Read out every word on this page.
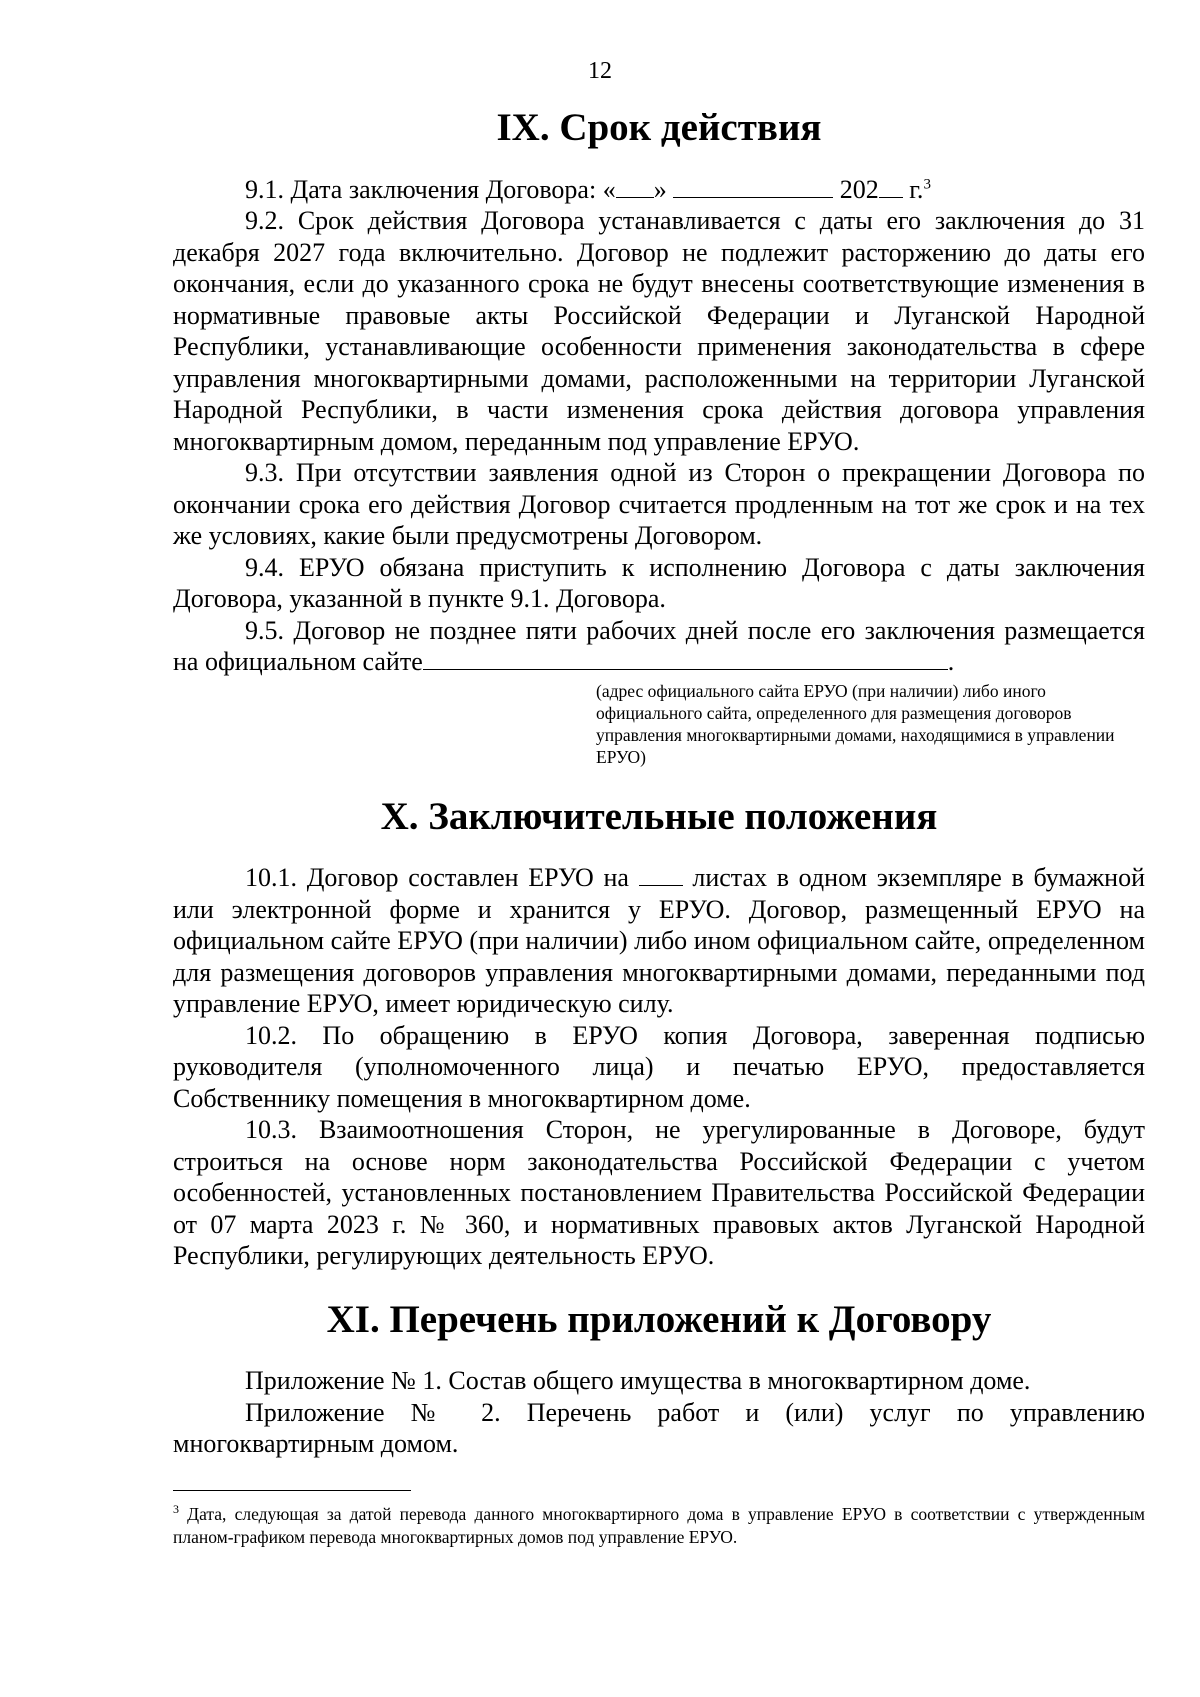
12
IX. Срок действия

9.1. Дата заключения Договора: « »	202 г.$^3$

9.2. Срок действия Договора устанавливается с даты его заключения до 31 декабря 2027 года включительно. Договор не подлежит расторжению до даты его окончания, если до указанного срока не будут внесены соответствующие изменения в нормативные правовые акты Российской Федерации и Луганской Народной Республики, устанавливающие особенности применения законодательства в сфере управления многоквартирными домами, расположенными на территории Луганской Народной Республики, в части изменения срока действия договора управления многоквартирным домом, переданным под управление ЕРУО.

9.3. При отсутствии заявления одной из Сторон о прекращении Договора по окончании срока его действия Договор считается продленным на тот же срок и на тех же условиях, какие были предусмотрены Договором.

9.4. ЕРУО обязана приступить к исполнению Договора с даты заключения Договора, указанной в пункте 9.1. Договора.

9.5. Договор не позднее пяти рабочих дней после его заключения размещается на официальном сайте	.

(адрес официального сайта ЕРУО (при наличии) либо иного официального сайта, определенного для размещения договоров управления многоквартирными домами, находящимися в управлении ЕРУО)
X. Заключительные положения

10.1. Договор составлен ЕРУО на  листах в одном экземпляре в бумажной или электронной форме и хранится у ЕРУО. Договор, размещенный ЕРУО на официальном сайте ЕРУО (при наличии) либо ином официальном сайте, определенном для размещения договоров управления многоквартирными домами, переданными под управление ЕРУО, имеет юридическую силу.

10.2. По обращению в ЕРУО копия Договора, заверенная подписью руководителя (уполномоченного лица) и печатью ЕРУО, предоставляется Собственнику помещения в многоквартирном доме.

10.3. Взаимоотношения Сторон, не урегулированные в Договоре, будут строиться на основе норм законодательства Российской Федерации с учетом особенностей, установленных постановлением Правительства Российской Федерации от 07 марта 2023 г. № 360, и нормативных правовых актов Луганской Народной Республики, регулирующих деятельность ЕРУО.

XI. Перечень приложений к Договору

Приложение № 1. Состав общего имущества в многоквартирном доме.

Приложение № 2. Перечень работ и (или) услуг по управлению многоквартирным домом.

$^3$ Дата, следующая за датой перевода данного многоквартирного дома в управление ЕРУО в соответствии с утвержденным планом-графиком перевода многоквартирных домов под управление ЕРУО.
